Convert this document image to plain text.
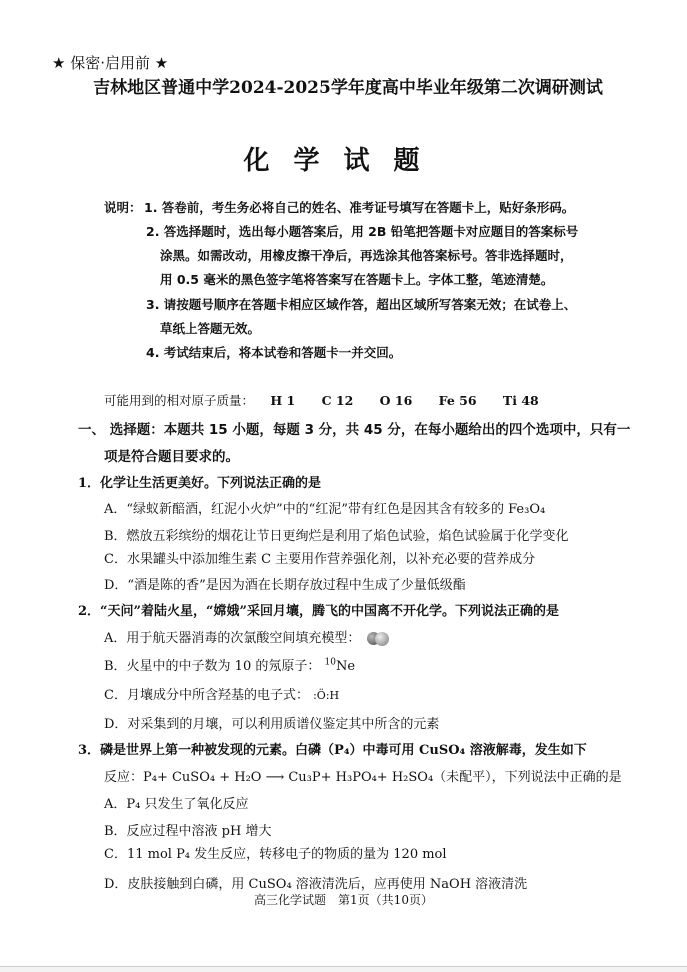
★ 保密·启用前 ★
吉林地区普通中学2024-2025学年度高中毕业年级第二次调研测试
化学试题
说明： 1. 答卷前，考生务必将自己的姓名、准考证号填写在答题卡上，贴好条形码。
2. 答选择题时，选出每小题答案后，用 2B 铅笔把答题卡对应题目的答案标号
涂黑。如需改动，用橡皮擦干净后，再选涂其他答案标号。答非选择题时，
用 0.5 毫米的黑色签字笔将答案写在答题卡上。字体工整，笔迹清楚。
3. 请按题号顺序在答题卡相应区域作答，超出区域所写答案无效；在试卷上、
草纸上答题无效。
4. 考试结束后，将本试卷和答题卡一并交回。
可能用到的相对原子质量： H 1 C 12 O 16 Fe 56 Ti 48
一、 选择题：本题共 15 小题，每题 3 分，共 45 分，在每小题给出的四个选项中，只有一
项是符合题目要求的。
1．化学让生活更美好。下列说法正确的是
A．“绿蚁新醅酒，红泥小火炉”中的“红泥”带有红色是因其含有较多的 Fe₃O₄
B．燃放五彩缤纷的烟花让节日更绚烂是利用了焰色试验，焰色试验属于化学变化
C．水果罐头中添加维生素 C 主要用作营养强化剂，以补充必要的营养成分
D．“酒是陈的香”是因为酒在长期存放过程中生成了少量低级酯
2．“天问”着陆火星，“嫦娥”采回月壤，腾飞的中国离不开化学。下列说法正确的是
A．用于航天器消毒的次氯酸空间填充模型：
B．火星中的中子数为 10 的氖原子： $^{10}$Ne
C．月壤成分中所含羟基的电子式： :Ö:H
D．对采集到的月壤，可以利用质谱仪鉴定其中所含的元素
3．磷是世界上第一种被发现的元素。白磷（P₄）中毒可用 CuSO₄ 溶液解毒，发生如下
反应：P₄+ CuSO₄ + H₂O ⟶ Cu₃P+ H₃PO₄+ H₂SO₄（未配平），下列说法中正确的是
A．P₄ 只发生了氧化反应
B．反应过程中溶液 pH 增大
C．11 mol P₄ 发生反应，转移电子的物质的量为 120 mol
D．皮肤接触到白磷，用 CuSO₄ 溶液清洗后，应再使用 NaOH 溶液清洗
高三化学试题　第1页（共10页）
